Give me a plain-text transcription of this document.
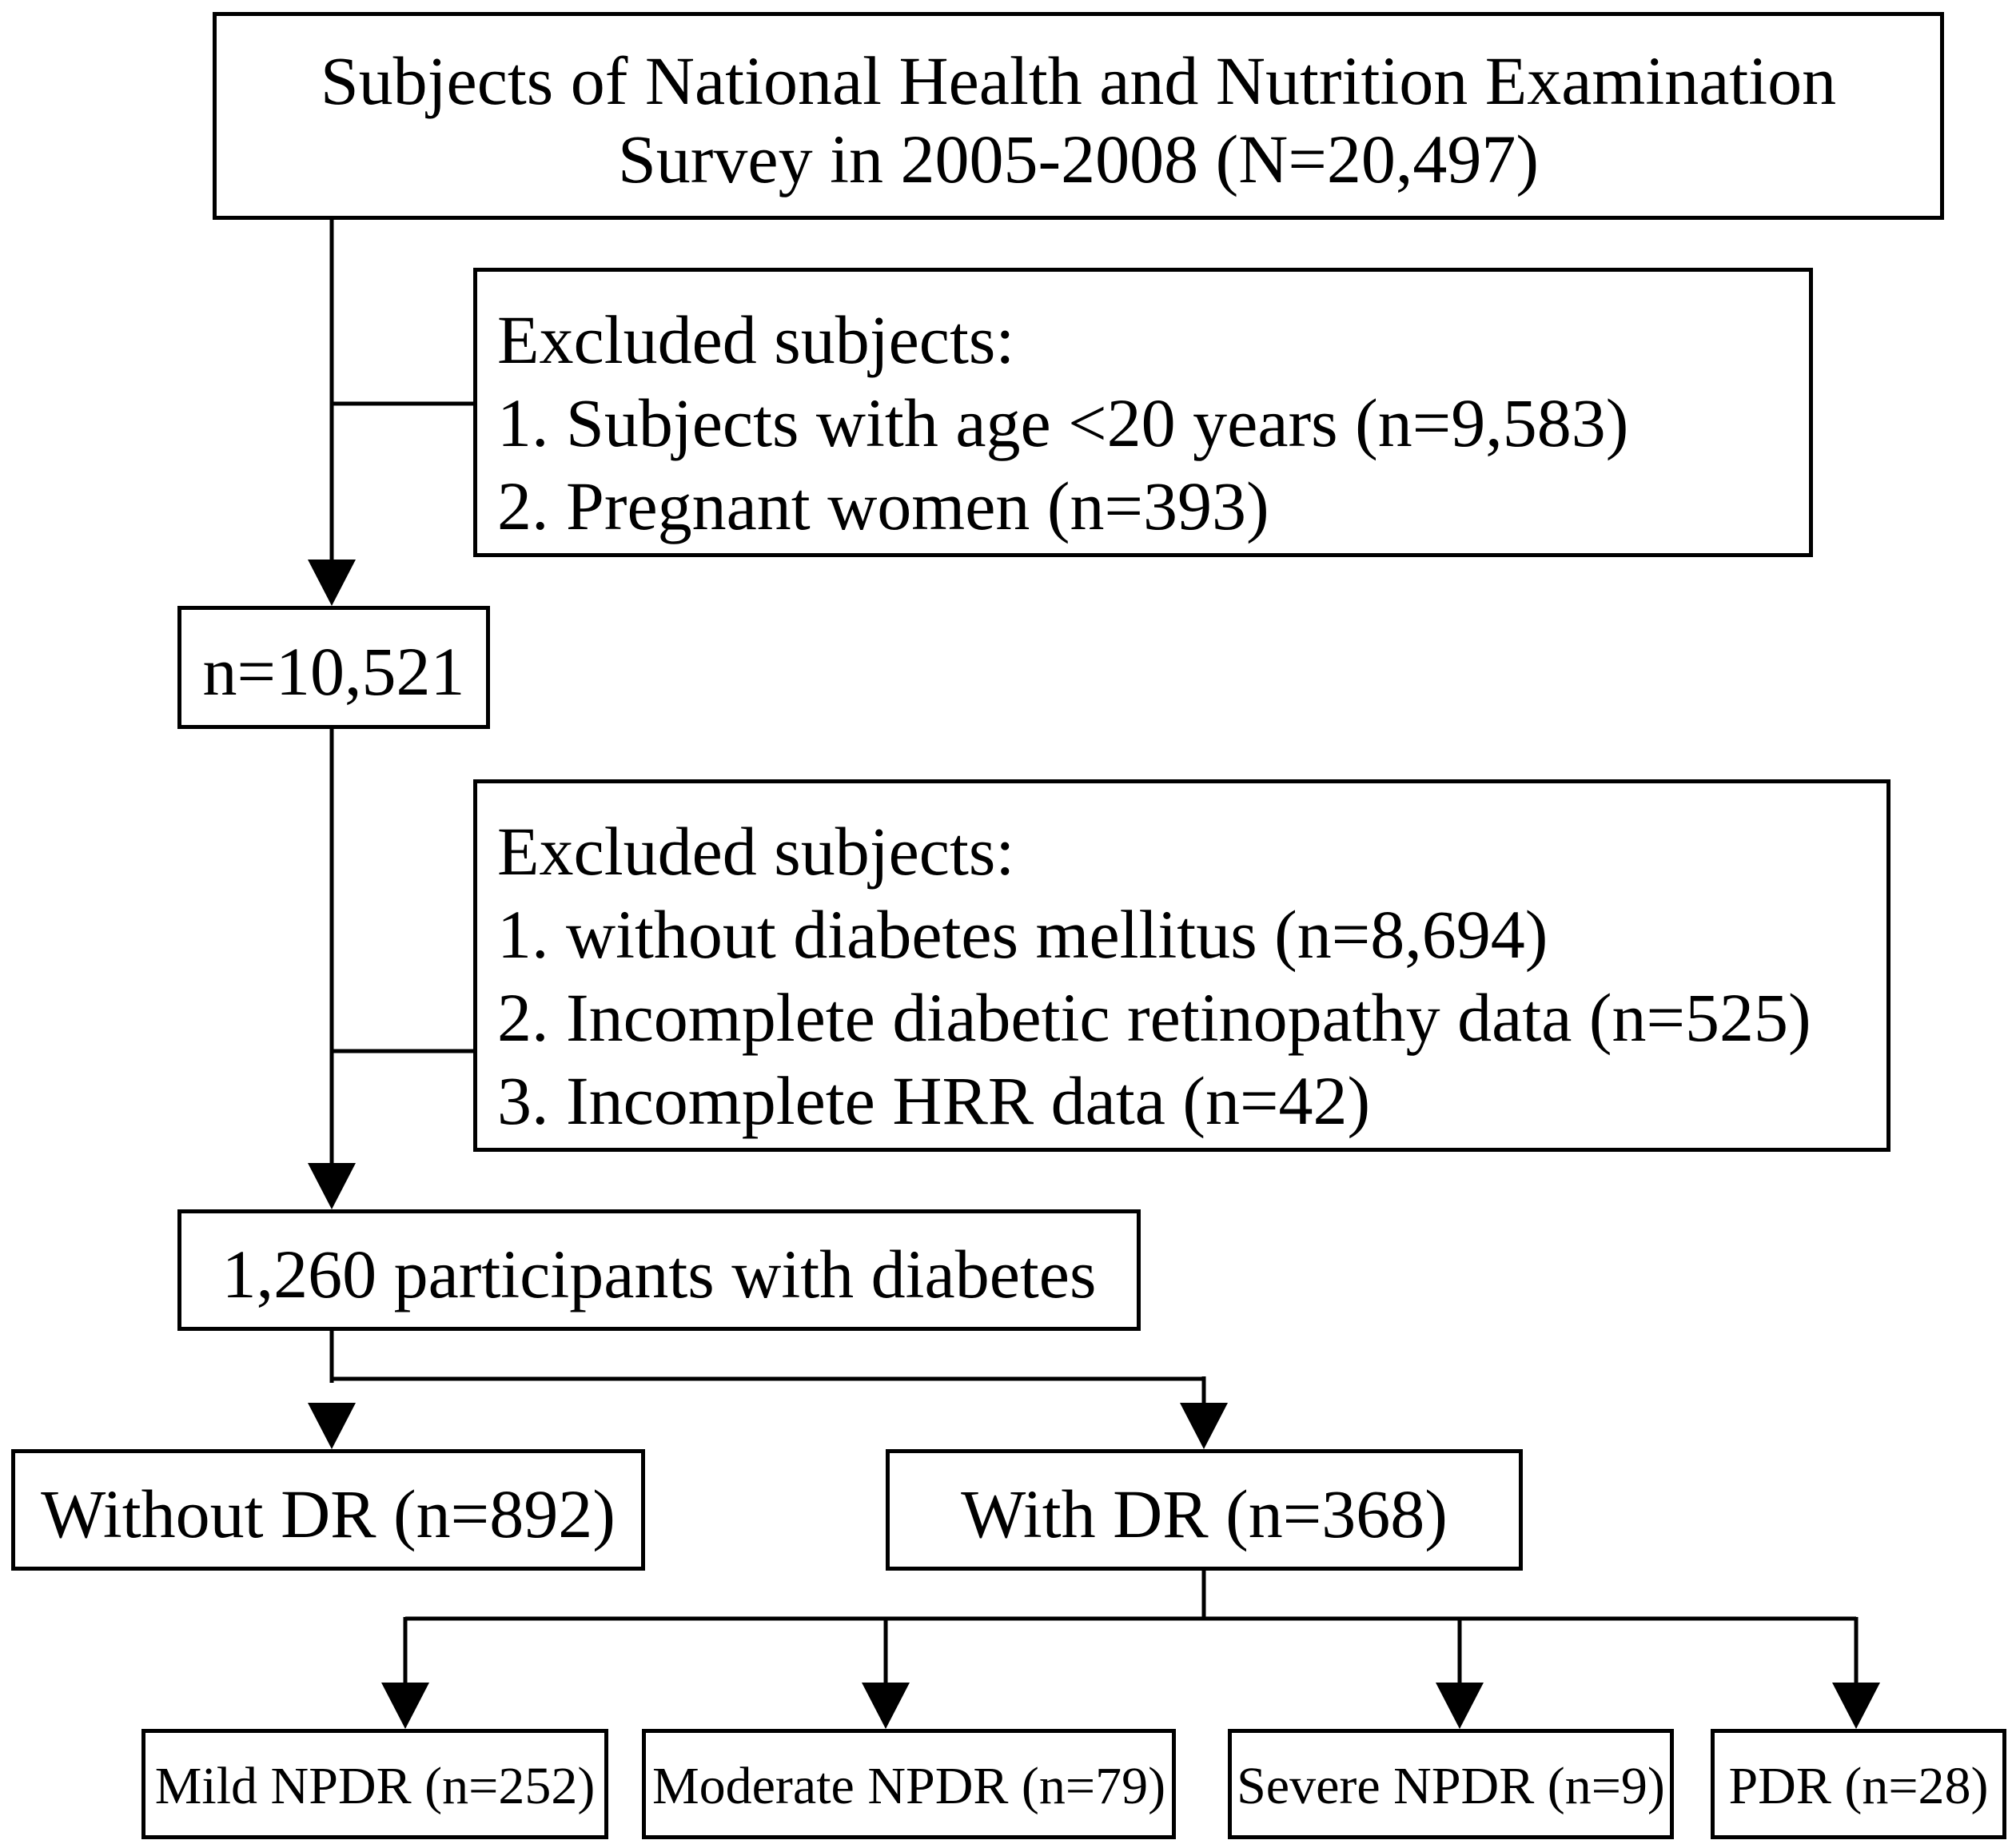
Subjects of National Health and Nutrition Examination
Survey in 2005-2008 (N=20,497)
Excluded subjects:
1. Subjects with age <20 years (n=9,583)
2. Pregnant women (n=393)
n=10,521
Excluded subjects:
1. without diabetes mellitus (n=8,694)
2. Incomplete diabetic retinopathy data (n=525)
3. Incomplete HRR data (n=42)
1,260 participants with diabetes
Without DR (n=892)	With DR (n=368)
Mild NPDR (n=252) Moderate NPDR (n=79) Severe NPDR (n=9) PDR (n=28)
